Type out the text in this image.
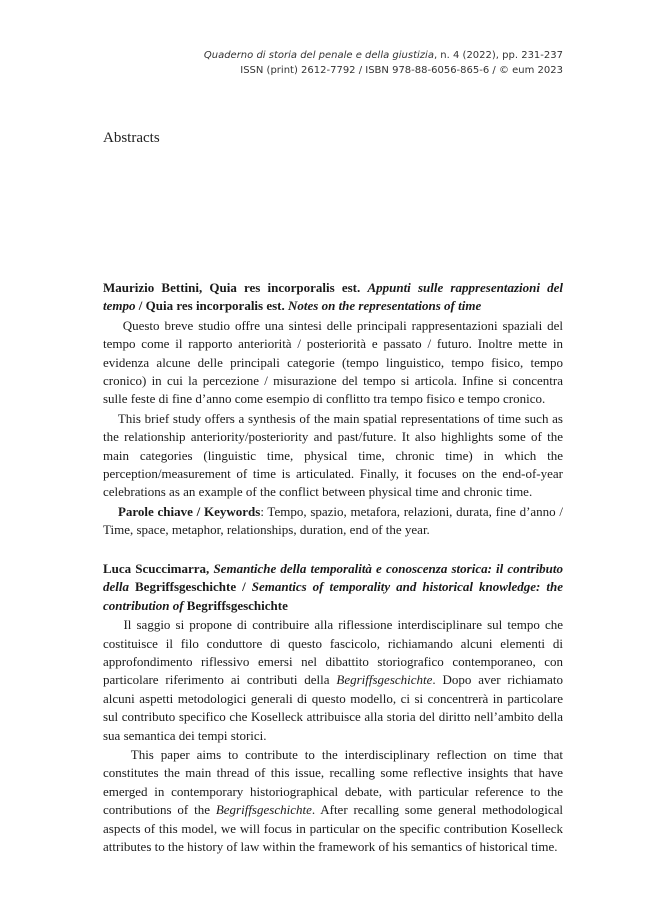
Quaderno di storia del penale e della giustizia, n. 4 (2022), pp. 231-237
ISSN (print) 2612-7792 / ISBN 978-88-6056-865-6 / © eum 2023
Abstracts

Maurizio Bettini, Quia res incorporalis est. Appunti sulle rappresentazioni del tempo / Quia res incorporalis est. Notes on the representations of time

Questo breve studio offre una sintesi delle principali rappresentazioni spaziali del tempo come il rapporto anteriorità / posteriorità e passato / futuro. Inoltre mette in evidenza alcune delle principali categorie (tempo linguistico, tempo fisico, tempo cronico) in cui la percezione / misurazione del tempo si articola. Infine si concentra sulle feste di fine d’anno come esempio di conflitto tra tempo fisico e tempo cronico.

This brief study offers a synthesis of the main spatial representations of time such as the relationship anteriority/posteriority and past/future. It also highlights some of the main categories (linguistic time, physical time, chronic time) in which the perception/measurement of time is articulated. Finally, it focuses on the end-of-year celebrations as an example of the conflict between physical time and chronic time.

Parole chiave / Keywords: Tempo, spazio, metafora, relazioni, durata, fine d’anno / Time, space, metaphor, relationships, duration, end of the year.

Luca Scuccimarra, Semantiche della temporalità e conoscenza storica: il contributo della Begriffsgeschichte / Semantics of temporality and historical knowledge: the contribution of Begriffsgeschichte

Il saggio si propone di contribuire alla riflessione interdisciplinare sul tempo che costituisce il filo conduttore di questo fascicolo, richiamando alcuni elementi di approfondimento riflessivo emersi nel dibattito storiografico contemporaneo, con particolare riferimento ai contributi della Begriffsgeschichte. Dopo aver richiamato alcuni aspetti metodologici generali di questo modello, ci si concentrerà in particolare sul contributo specifico che Koselleck attribuisce alla storia del diritto nell’ambito della sua semantica dei tempi storici.

This paper aims to contribute to the interdisciplinary reflection on time that constitutes the main thread of this issue, recalling some reflective insights that have emerged in contemporary historiographical debate, with particular reference to the contributions of the Begriffsgeschichte. After recalling some general methodological aspects of this model, we will focus in particular on the specific contribution Koselleck attributes to the history of law within the framework of his semantics of historical time.
